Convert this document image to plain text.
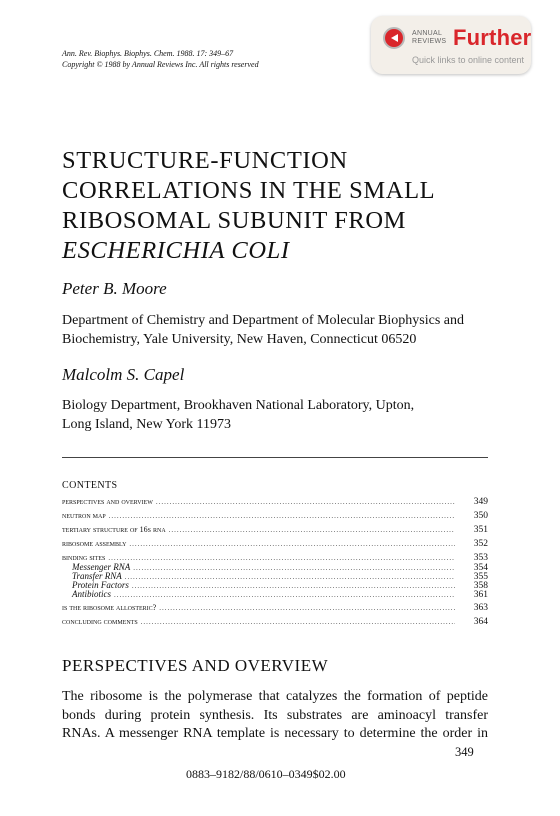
Ann. Rev. Biophys. Biophys. Chem. 1988. 17: 349–67
Copyright © 1988 by Annual Reviews Inc. All rights reserved
ANNUAL
REVIEWS Further
Quick links to online content
STRUCTURE-FUNCTION
CORRELATIONS IN THE SMALL
RIBOSOMAL SUBUNIT FROM
ESCHERICHIA COLI
Peter B. Moore
Department of Chemistry and Department of Molecular Biophysics and
Biochemistry, Yale University, New Haven, Connecticut 06520
Malcolm S. Capel
Biology Department, Brookhaven National Laboratory, Upton,
Long Island, New York 11973
CONTENTS
perspectives and overview .....	349
neutron map .....	350
tertiary structure of 16s rna .....	351
ribosome assembly .....	352
binding sites .....	353
Messenger RNA .....	354
Transfer RNA .....	355
Protein Factors .....	358
Antibiotics .....	361
is the ribosome allosteric? .....	363
concluding comments .....	364
PERSPECTIVES AND OVERVIEW
The ribosome is the polymerase that catalyzes the formation of peptide
bonds during protein synthesis. Its substrates are aminoacyl transfer
RNAs. A messenger RNA template is necessary to determine the order in
349
0883–9182/88/0610–0349$02.00
